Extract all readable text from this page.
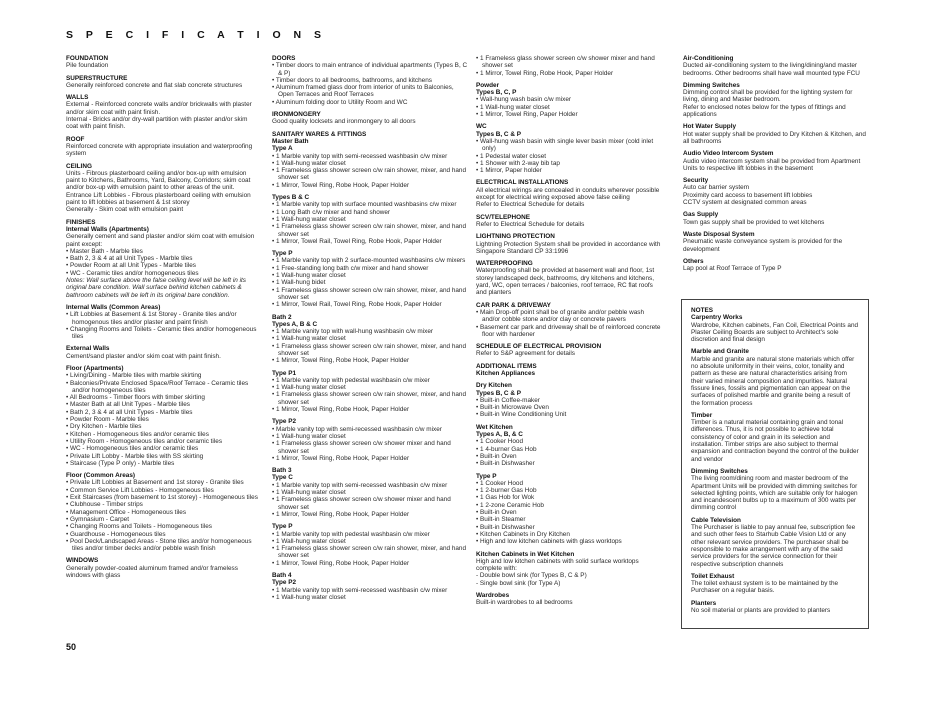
S P E C I F I C A T I O N S
FOUNDATION
Pile foundation
SUPERSTRUCTURE
Generally reinforced concrete and flat slab concrete structures
WALLS
External - Reinforced concrete walls and/or brickwalls with plaster and/or skim coat with paint finish.
Internal - Bricks and/or dry-wall partition with plaster and/or skim coat with paint finish.
ROOF
Reinforced concrete with appropriate insulation and waterproofing system
CEILING
Units - Fibrous plasterboard ceiling and/or box-up with emulsion paint to Kitchens, Bathrooms, Yard, Balcony, Corridors; skim coat and/or box-up with emulsion paint to other areas of the unit.
Entrance Lift Lobbies - Fibrous plasterboard ceiling with emulsion paint to lift lobbies at basement & 1st storey
Generally - Skim coat with emulsion paint
FINISHES
Internal Walls (Apartments)
Generally cement and sand plaster and/or skim coat with emulsion paint except:
• Master Bath - Marble tiles
• Bath 2, 3 & 4 at all Unit Types - Marble tiles
• Powder Room at all Unit Types - Marble tiles
• WC - Ceramic tiles and/or homogeneous tiles
Notes: Wall surface above the false ceiling level will be left in its original bare condition. Wall surface behind kitchen cabinets & bathroom cabinets will be left in its original bare condition.
Internal Walls (Common Areas)
• Lift Lobbies at Basement & 1st Storey - Granite tiles and/or homogenous tiles and/or plaster and paint finish
• Changing Rooms and Toilets - Ceramic tiles and/or homogeneous tiles
External Walls
Cement/sand plaster and/or skim coat with paint finish.
Floor (Apartments)
• Living/Dining - Marble tiles with marble skirting
• Balconies/Private Enclosed Space/Roof Terrace - Ceramic tiles and/or homogeneous tiles
• All Bedrooms - Timber floors with timber skirting
• Master Bath at all Unit Types - Marble tiles
• Bath 2, 3 & 4 at all Unit Types - Marble tiles
• Powder Room - Marble tiles
• Dry Kitchen - Marble tiles
• Kitchen - Homogeneous tiles and/or ceramic tiles
• Utility Room - Homogeneous tiles and/or ceramic tiles
• WC - Homogeneous tiles and/or ceramic tiles
• Private Lift Lobby - Marble tiles with SS skirting
• Staircase (Type P only) - Marble tiles
Floor (Common Areas)
• Private Lift Lobbies at Basement and 1st storey - Granite tiles
• Common Service Lift Lobbies - Homogeneous tiles
• Exit Staircases (from basement to 1st storey) - Homogeneous tiles
• Clubhouse - Timber strips
• Management Office - Homogeneous tiles
• Gymnasium - Carpet
• Changing Rooms and Toilets - Homogeneous tiles
• Guardhouse - Homogeneous tiles
• Pool Deck/Landscaped Areas - Stone tiles and/or homogeneous tiles and/or timber decks and/or pebble wash finish
WINDOWS
Generally powder-coated aluminum framed and/or frameless windows with glass
DOORS
• Timber doors to main entrance of individual apartments (Types B, C & P)
• Timber doors to all bedrooms, bathrooms, and kitchens
• Aluminum framed glass door from interior of units to Balconies, Open Terraces and Roof Terraces
• Aluminum folding door to Utility Room and WC
IRONMONGERY
Good quality locksets and ironmongery to all doors
SANITARY WARES & FITTINGS
Master Bath
Type A
• 1 Marble vanity top with semi-recessed washbasin c/w mixer
• 1 Wall-hung water closet
• 1 Frameless glass shower screen c/w rain shower, mixer, and hand shower set
• 1 Mirror, Towel Ring, Robe Hook, Paper Holder
Types B & C
• 1 Marble vanity top with surface mounted washbasins c/w mixer
• 1 Long Bath c/w mixer and hand shower
• 1 Wall-hung water closet
• 1 Frameless glass shower screen c/w rain shower, mixer, and hand shower set
• 1 Mirror, Towel Rail, Towel Ring, Robe Hook, Paper Holder
Type P
• 1 Marble vanity top with 2 surface-mounted washbasins c/w mixers
• 1 Free-standing long bath c/w mixer and hand shower
• 1 Wall-hung water closet
• 1 Wall-hung bidet
• 1 Frameless glass shower screen c/w rain shower, mixer, and hand shower set
• 1 Mirror, Towel Rail, Towel Ring, Robe Hook, Paper Holder
Bath 2
Types A, B & C
• 1 Marble vanity top with wall-hung washbasin c/w mixer
• 1 Wall-hung water closet
• 1 Frameless glass shower screen c/w rain shower, mixer, and hand shower set
• 1 Mirror, Towel Ring, Robe Hook, Paper Holder
Type P1
• 1 Marble vanity top with pedestal washbasin c/w mixer
• 1 Wall-hung water closet
• 1 Frameless glass shower screen c/w rain shower, mixer, and hand shower set
• 1 Mirror, Towel Ring, Robe Hook, Paper Holder
Type P2
• Marble vanity top with semi-recessed washbasin c/w mixer
• 1 Wall-hung water closet
• 1 Frameless glass shower screen c/w shower mixer and hand shower set
• 1 Mirror, Towel Ring, Robe Hook, Paper Holder
Bath 3
Type C
• 1 Marble vanity top with semi-recessed washbasin c/w mixer
• 1 Wall-hung water closet
• 1 Frameless glass shower screen c/w shower mixer and hand shower set
• 1 Mirror, Towel Ring, Robe Hook, Paper Holder
Type P
• 1 Marble vanity top with pedestal washbasin c/w mixer
• 1 Wall-hung water closet
• 1 Frameless glass shower screen c/w rain shower, mixer, and hand shower set
• 1 Mirror, Towel Ring, Robe Hook, Paper Holder
Bath 4
Type P2
• 1 Marble vanity top with semi-recessed washbasin c/w mixer
• 1 Wall-hung water closet
• 1 Frameless glass shower screen c/w shower mixer and hand shower set
• 1 Mirror, Towel Ring, Robe Hook, Paper Holder
Powder
Types B, C, P
• Wall-hung wash basin c/w mixer
• 1 Wall-hung water closet
• 1 Mirror, Towel Ring, Paper Holder
WC
Types B, C & P
• Wall-hung wash basin with single lever basin mixer (cold inlet only)
• 1 Pedestal water closet
• 1 Shower with 2-way bib tap
• 1 Mirror, Paper holder
ELECTRICAL INSTALLATIONS
All electrical wirings are concealed in conduits wherever possible except for electrical wiring exposed above false ceiling
Refer to Electrical Schedule for details
SCV/TELEPHONE
Refer to Electrical Schedule for details
LIGHTNING PROTECTION
Lightning Protection System shall be provided in accordance with Singapore Standard CP 33:1996
WATERPROOFING
Waterproofing shall be provided at basement wall and floor, 1st storey landscaped deck, bathrooms, dry kitchens and kitchens, yard, WC, open terraces / balconies, roof terrace, RC flat roofs and planters
CAR PARK & DRIVEWAY
• Main Drop-off point shall be of granite and/or pebble wash and/or cobble stone and/or clay or concrete pavers
• Basement car park and driveway shall be of reinforced concrete floor with hardener
SCHEDULE OF ELECTRICAL PROVISION
Refer to S&P agreement for details
ADDITIONAL ITEMS
Kitchen Appliances
Dry Kitchen
Types B, C & P
• Built-in Coffee-maker
• Built-in Microwave Oven
• Built-in Wine Conditioning Unit
Wet Kitchen
Types A, B, & C
• 1 Cooker Hood
• 1 4-burner Gas Hob
• Built-in Oven
• Built-in Dishwasher
Type P
• 1 Cooker Hood
• 1 2-burner Gas Hob
• 1 Gas Hob for Wok
• 1 2-zone Ceramic Hob
• Built-in Oven
• Built-in Steamer
• Built-in Dishwasher
• Kitchen Cabinets in Dry Kitchen
• High and low kitchen cabinets with glass worktops
Kitchen Cabinets in Wet Kitchen
High and low kitchen cabinets with solid surface worktops complete with:
- Double bowl sink (for Types B, C & P)
- Single bowl sink (for Type A)
Wardrobes
Built-in wardrobes to all bedrooms
Air-Conditioning
Ducted air-conditioning system to the living/dining/and master bedrooms. Other bedrooms shall have wall mounted type FCU
Dimming Switches
Dimming control shall be provided for the lighting system for living, dining and Master bedroom.
Refer to enclosed notes below for the types of fittings and applications
Hot Water Supply
Hot water supply shall be provided to Dry Kitchen & Kitchen, and all bathrooms
Audio Video Intercom System
Audio video intercom system shall be provided from Apartment Units to respective lift lobbies in the basement
Security
Auto car barrier system
Proximity card access to basement lift lobbies
CCTV system at designated common areas
Gas Supply
Town gas supply shall be provided to wet kitchens
Waste Disposal System
Pneumatic waste conveyance system is provided for the development
Others
Lap pool at Roof Terrace of Type P
NOTES
Carpentry Works
Wardrobe, Kitchen cabinets, Fan Coil, Electrical Points and Plaster Ceiling Boards are subject to Architect's sole discretion and final design
Marble and Granite
Marble and granite are natural stone materials which offer no absolute uniformity in their veins, color, tonality and pattern as these are natural characteristics arising from their varied mineral composition and impurities. Natural fissure lines, fossils and pigmentation can appear on the surfaces of polished marble and granite being a result of the formation process
Timber
Timber is a natural material containing grain and tonal differences. Thus, it is not possible to achieve total consistency of color and grain in its selection and installation. Timber strips are also subject to thermal expansion and contraction beyond the control of the builder and vendor
Dimming Switches
The living room/dining room and master bedroom of the Apartment Units will be provided with dimming switches for selected lighting points, which are suitable only for halogen and incandescent bulbs up to a maximum of 300 watts per dimming control
Cable Television
The Purchaser is liable to pay annual fee, subscription fee and such other fees to Starhub Cable Vision Ltd or any other relevant service providers. The purchaser shall be responsible to make arrangement with any of the said service providers for the service connection for their respective subscription channels
Toilet Exhaust
The toilet exhaust system is to be maintained by the Purchaser on a regular basis.
Planters
No soil material or plants are provided to planters
50
